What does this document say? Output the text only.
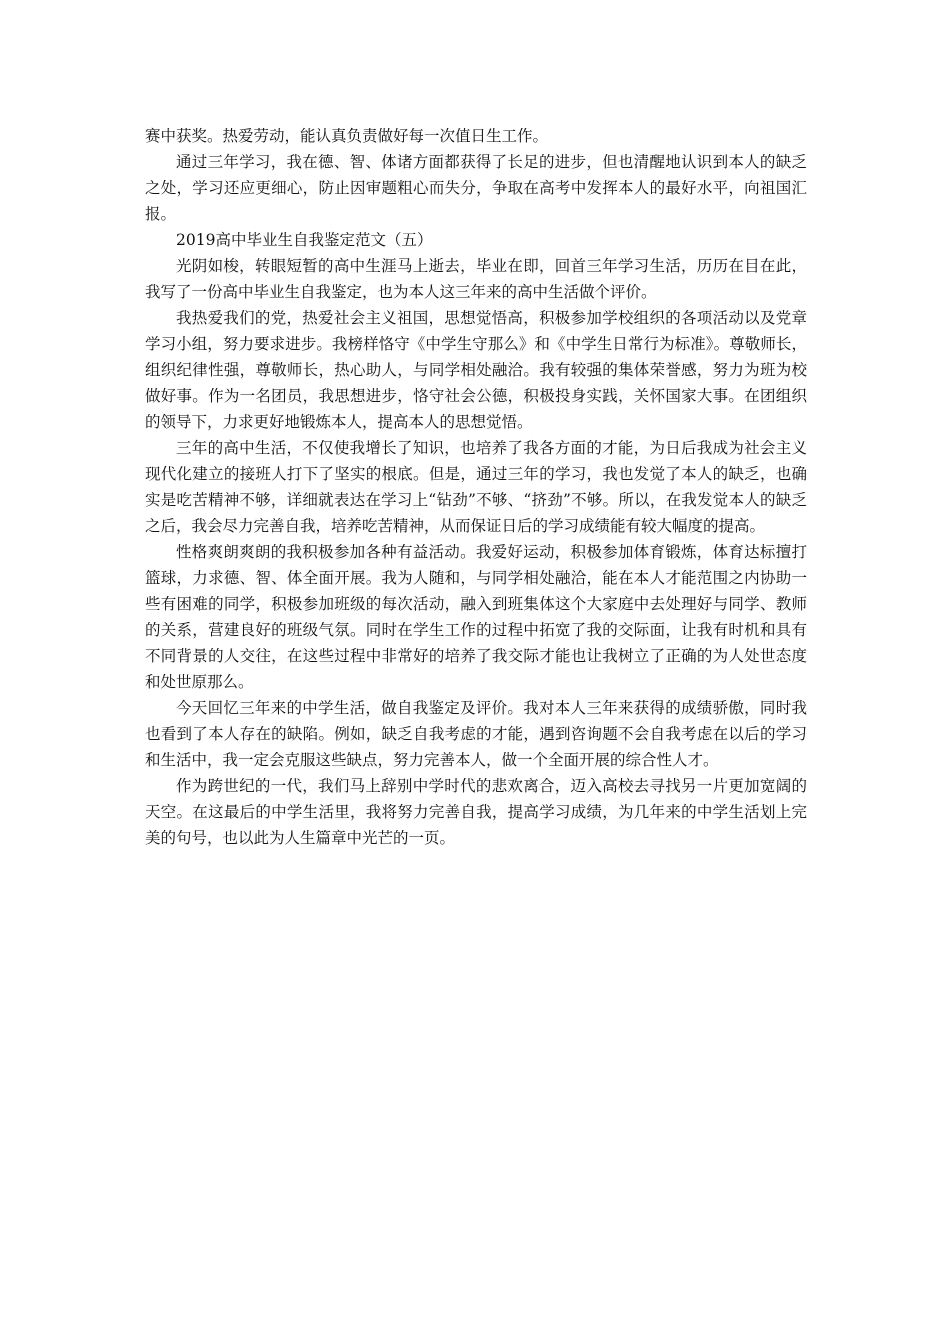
赛中获奖。热爱劳动，能认真负责做好每一次值日生工作。

通过三年学习，我在德、智、体诸方面都获得了长足的进步，但也清醒地认识到本人的缺乏之处，学习还应更细心，防止因审题粗心而失分，争取在高考中发挥本人的最好水平，向祖国汇报。

2019高中毕业生自我鉴定范文（五）

光阴如梭，转眼短暂的高中生涯马上逝去，毕业在即，回首三年学习生活，历历在目在此，我写了一份高中毕业生自我鉴定，也为本人这三年来的高中生活做个评价。

我热爱我们的党，热爱社会主义祖国，思想觉悟高，积极参加学校组织的各项活动以及党章学习小组，努力要求进步。我榜样恪守《中学生守那么》和《中学生日常行为标准》。尊敬师长，组织纪律性强，尊敬师长，热心助人，与同学相处融洽。我有较强的集体荣誉感，努力为班为校做好事。作为一名团员，我思想进步，恪守社会公德，积极投身实践，关怀国家大事。在团组织的领导下，力求更好地锻炼本人，提高本人的思想觉悟。

三年的高中生活，不仅使我增长了知识，也培养了我各方面的才能，为日后我成为社会主义现代化建立的接班人打下了坚实的根底。但是，通过三年的学习，我也发觉了本人的缺乏，也确实是吃苦精神不够，详细就表达在学习上“钻劲”不够、“挤劲”不够。所以，在我发觉本人的缺乏之后，我会尽力完善自我，培养吃苦精神，从而保证日后的学习成绩能有较大幅度的提高。

性格爽朗爽朗的我积极参加各种有益活动。我爱好运动，积极参加体育锻炼，体育达标擅打篮球，力求德、智、体全面开展。我为人随和，与同学相处融洽，能在本人才能范围之内协助一些有困难的同学，积极参加班级的每次活动，融入到班集体这个大家庭中去处理好与同学、教师的关系，营建良好的班级气氛。同时在学生工作的过程中拓宽了我的交际面，让我有时机和具有不同背景的人交往，在这些过程中非常好的培养了我交际才能也让我树立了正确的为人处世态度和处世原那么。

今天回忆三年来的中学生活，做自我鉴定及评价。我对本人三年来获得的成绩骄傲，同时我也看到了本人存在的缺陷。例如，缺乏自我考虑的才能，遇到咨询题不会自我考虑在以后的学习和生活中，我一定会克服这些缺点，努力完善本人，做一个全面开展的综合性人才。

作为跨世纪的一代，我们马上辞别中学时代的悲欢离合，迈入高校去寻找另一片更加宽阔的天空。在这最后的中学生活里，我将努力完善自我，提高学习成绩，为几年来的中学生活划上完美的句号，也以此为人生篇章中光芒的一页。
